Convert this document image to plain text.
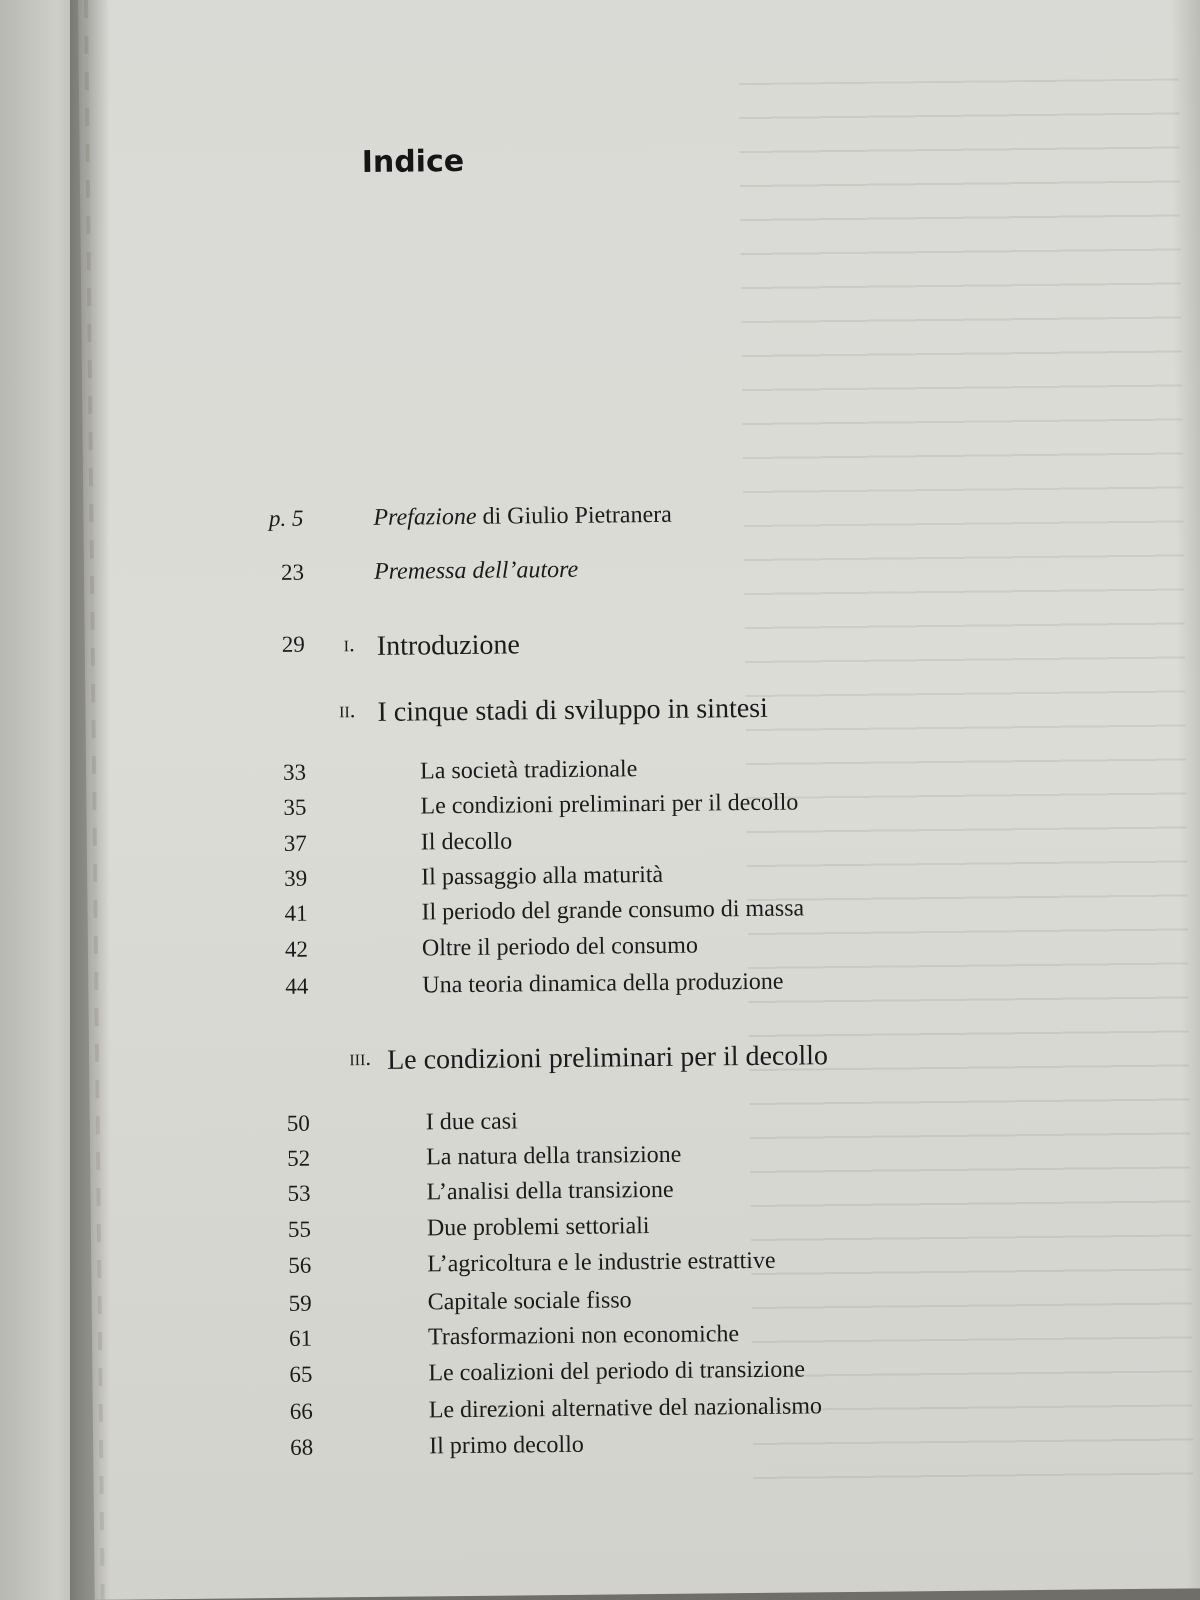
Indice
p. 5	Prefazione di Giulio Pietranera
23	Premessa dell’autore
29	i. Introduzione
ii. I cinque stadi di sviluppo in sintesi
33	La società tradizionale
35	Le condizioni preliminari per il decollo
37	Il decollo
39	Il passaggio alla maturità
41	Il periodo del grande consumo di massa
42	Oltre il periodo del consumo
44	Una teoria dinamica della produzione
iii. Le condizioni preliminari per il decollo
50	I due casi
52	La natura della transizione
53	L’analisi della transizione
55	Due problemi settoriali
56	L’agricoltura e le industrie estrattive
59	Capitale sociale fisso
61	Trasformazioni non economiche
65	Le coalizioni del periodo di transizione
66	Le direzioni alternative del nazionalismo
68	Il primo decollo
